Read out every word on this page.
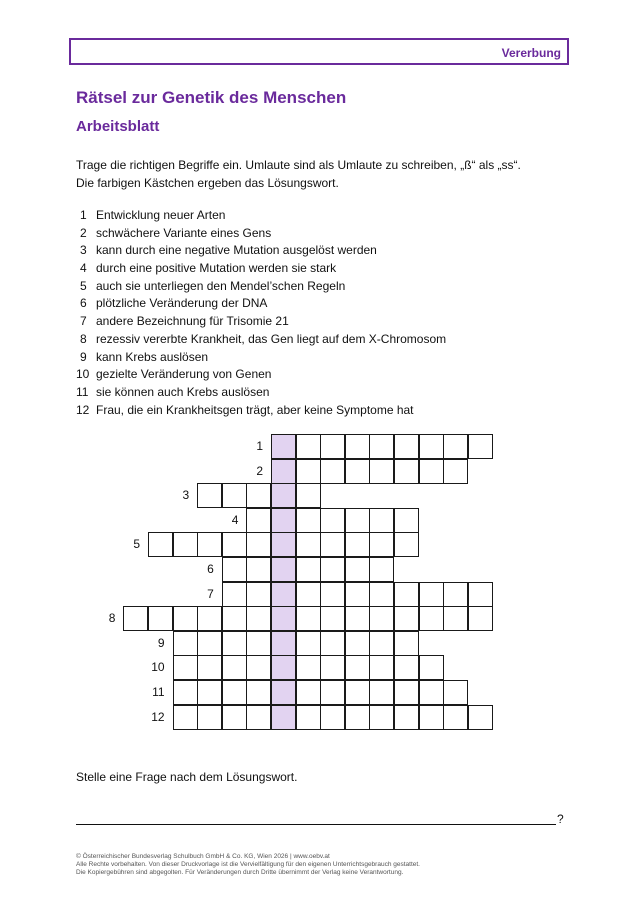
Vererbung
Rätsel zur Genetik des Menschen
Arbeitsblatt

Trage die richtigen Begriffe ein. Umlaute sind als Umlaute zu schreiben, „ß“ als „ss“.

Die farbigen Kästchen ergeben das Lösungswort.

1 Entwicklung neuer Arten
2 schwächere Variante eines Gens
3 kann durch eine negative Mutation ausgelöst werden
4 durch eine positive Mutation werden sie stark
5 auch sie unterliegen den Mendel’schen Regeln
6 plötzliche Veränderung der DNA
7 andere Bezeichnung für Trisomie 21
8 rezessiv vererbte Krankheit, das Gen liegt auf dem X-Chromosom
9 kann Krebs auslösen
10 gezielte Veränderung von Genen
11 sie können auch Krebs auslösen
12 Frau, die ein Krankheitsgen trägt, aber keine Symptome hat
1
2
3
4
5
6
7
8
9
10
11
12
Stelle eine Frage nach dem Lösungswort.
?

© Österreichischer Bundesverlag Schulbuch GmbH & Co. KG, Wien 2026 | www.oebv.at

Alle Rechte vorbehalten. Von dieser Druckvorlage ist die Vervielfältigung für den eigenen Unterrichtsgebrauch gestattet.

Die Kopiergebühren sind abgegolten. Für Veränderungen durch Dritte übernimmt der Verlag keine Verantwortung.
